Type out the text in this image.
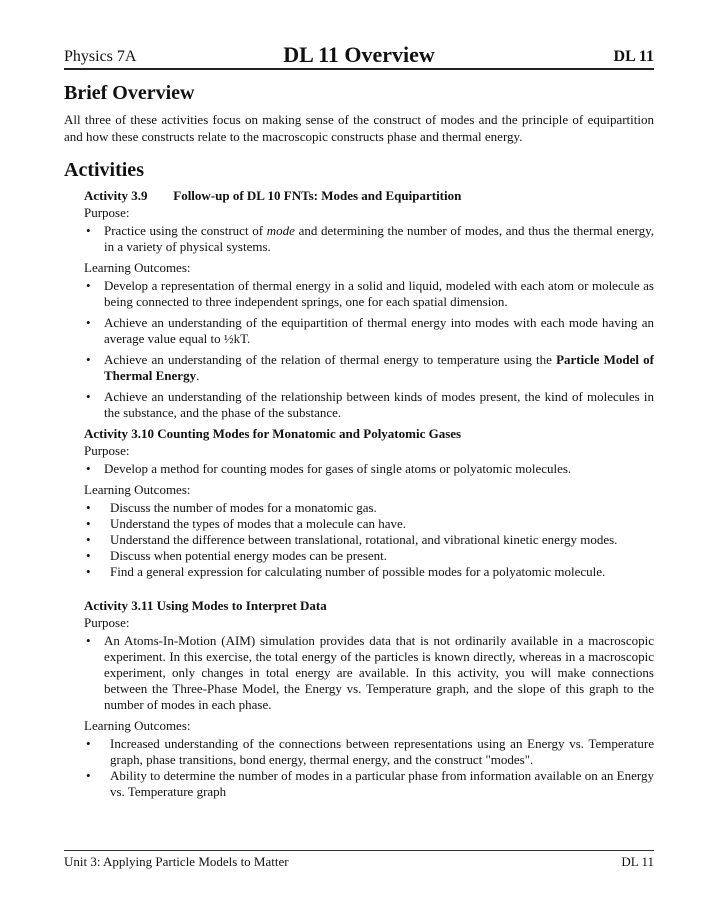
Physics 7A	DL 11 Overview	DL 11
Brief Overview

All three of these activities focus on making sense of the construct of modes and the principle of equipartition and how these constructs relate to the macroscopic constructs phase and thermal energy.

Activities
Activity 3.9 Follow-up of DL 10 FNTs: Modes and Equipartition
Purpose:
• Practice using the construct of mode and determining the number of modes, and thus the thermal energy, in a variety of physical systems.
Learning Outcomes:
• Develop a representation of thermal energy in a solid and liquid, modeled with each atom or molecule as being connected to three independent springs, one for each spatial dimension.
• Achieve an understanding of the equipartition of thermal energy into modes with each mode having an average value equal to ½kT.
• Achieve an understanding of the relation of thermal energy to temperature using the Particle Model of Thermal Energy.
• Achieve an understanding of the relationship between kinds of modes present, the kind of molecules in the substance, and the phase of the substance.
Activity 3.10 Counting Modes for Monatomic and Polyatomic Gases
Purpose:
• Develop a method for counting modes for gases of single atoms or polyatomic molecules.
Learning Outcomes:
• Discuss the number of modes for a monatomic gas.
• Understand the types of modes that a molecule can have.
• Understand the difference between translational, rotational, and vibrational kinetic energy modes.
• Discuss when potential energy modes can be present.
• Find a general expression for calculating number of possible modes for a polyatomic molecule.
Activity 3.11 Using Modes to Interpret Data
Purpose:
• An Atoms-In-Motion (AIM) simulation provides data that is not ordinarily available in a macroscopic experiment. In this exercise, the total energy of the particles is known directly, whereas in a macroscopic experiment, only changes in total energy are available. In this activity, you will make connections between the Three-Phase Model, the Energy vs. Temperature graph, and the slope of this graph to the number of modes in each phase.
Learning Outcomes:
• Increased understanding of the connections between representations using an Energy vs. Temperature graph, phase transitions, bond energy, thermal energy, and the construct "modes".
• Ability to determine the number of modes in a particular phase from information available on an Energy vs. Temperature graph
Unit 3: Applying Particle Models to Matter	DL 11
